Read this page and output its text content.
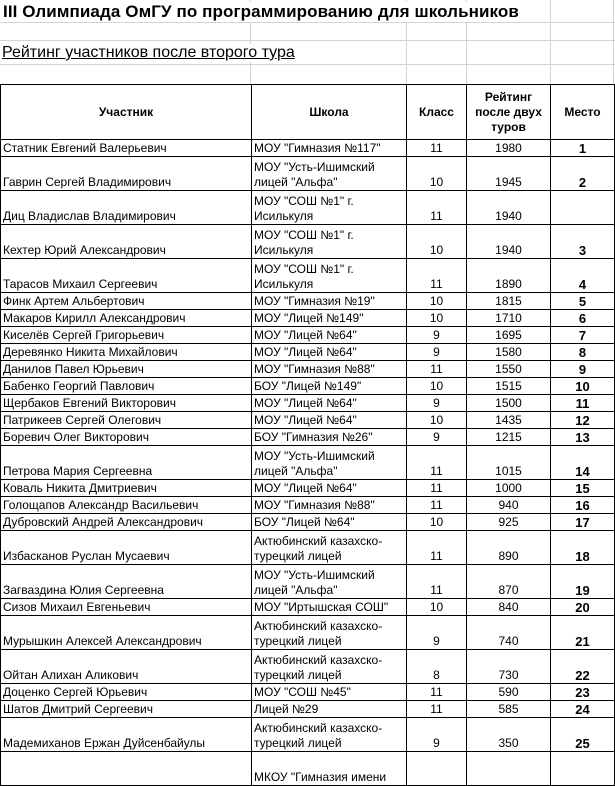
III Олимпиада ОмГУ по программированию для школьников
Рейтинг участников после второго тура
Участник	Школа	Класс	Рейтинг после двух туров	Место
Статник Евгений Валерьевич	МОУ "Гимназия №117"	11	1980	1
Гаврин Сергей Владимирович	МОУ "Усть-Ишимский лицей "Альфа"	10	1945	2
Диц Владислав Владимирович	МОУ "СОШ №1" г. Исилькуля	11	1940	
Кехтер Юрий Александрович	МОУ "СОШ №1" г. Исилькуля	10	1940	3
Тарасов Михаил Сергеевич	МОУ "СОШ №1" г. Исилькуля	11	1890	4
Финк Артем Альбертович	МОУ "Гимназия №19"	10	1815	5
Макаров Кирилл Александрович	МОУ "Лицей №149"	10	1710	6
Киселёв Сергей Григорьевич	МОУ "Лицей №64"	9	1695	7
Деревянко Никита Михайлович	МОУ "Лицей №64"	9	1580	8
Данилов Павел Юрьевич	МОУ "Гимназия №88"	11	1550	9
Бабенко Георгий Павлович	БОУ "Лицей №149"	10	1515	10
Щербаков Евгений Викторович	МОУ "Лицей №64"	9	1500	11
Патрикеев Сергей Олегович	МОУ "Лицей №64"	10	1435	12
Боревич Олег Викторович	БОУ "Гимназия №26"	9	1215	13
Петрова Мария Сергеевна	МОУ "Усть-Ишимский лицей "Альфа"	11	1015	14
Коваль Никита Дмитриевич	МОУ "Лицей №64"	11	1000	15
Голощапов Александр Васильевич	МОУ "Гимназия №88"	11	940	16
Дубровский Андрей Александрович	БОУ "Лицей №64"	10	925	17
Избасканов Руслан Мусаевич	Актюбинский казахско-турецкий лицей	11	890	18
Загваздина Юлия Сергеевна	МОУ "Усть-Ишимский лицей "Альфа"	11	870	19
Сизов Михаил Евгеньевич	МОУ "Иртышская СОШ"	10	840	20
Мурышкин Алексей Александрович	Актюбинский казахско-турецкий лицей	9	740	21
Ойтан Алихан Аликович	Актюбинский казахско-турецкий лицей	8	730	22
Доценко Сергей Юрьевич	МОУ "СОШ №45"	11	590	23
Шатов Дмитрий Сергеевич	Лицей №29	11	585	24
Мадемиханов Ержан Дуйсенбайулы	Актюбинский казахско-турецкий лицей	9	350	25
	МКОУ "Гимназия имени			
